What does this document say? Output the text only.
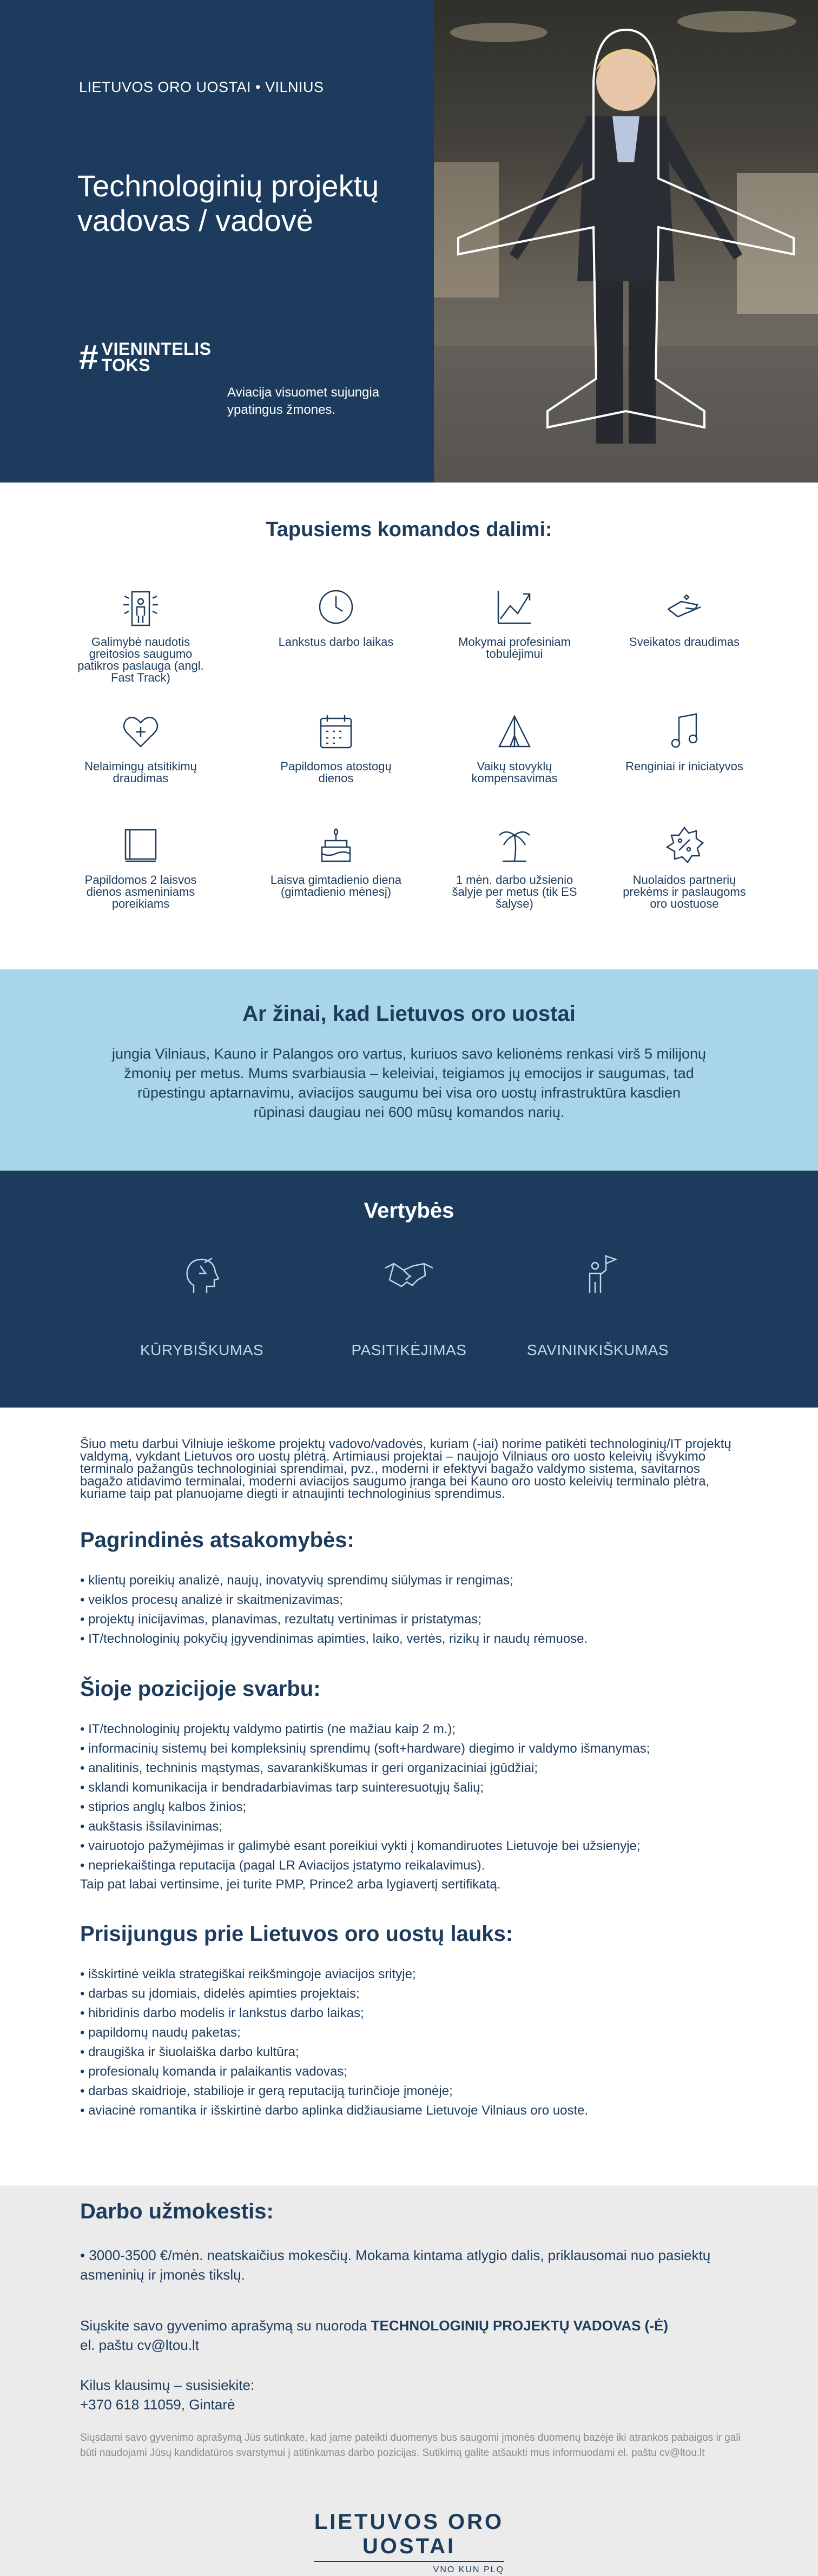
LIETUVOS ORO UOSTAI • VILNIUS
Technologinių projektų vadovas / vadovė
# VIENINTELIS
TOKS
Aviacija visuomet sujungia ypatingus žmones.
Tapusiems komandos dalimi:
Galimybė naudotis greitosios saugumo patikros paslauga (angl. Fast Track)
Lankstus darbo laikas	Mokymai profesiniam tobulėjimui
Sveikatos draudimas
Nelaimingų atsitikimų draudimas
Papildomos atostogų dienos
Vaikų stovyklų kompensavimas
Renginiai ir iniciatyvos
Papildomos 2 laisvos dienos asmeniniams poreikiams
Laisva gimtadienio diena (gimtadienio mėnesį)
1 mėn. darbo užsienio šalyje per metus (tik ES šalyse)
Nuolaidos partnerių prekėms ir paslaugoms oro uostuose
Ar žinai, kad Lietuvos oro uostai

jungia Vilniaus, Kauno ir Palangos oro vartus, kuriuos savo kelionėms renkasi virš 5 milijonų žmonių per metus. Mums svarbiausia – keleiviai, teigiamos jų emocijos ir saugumas, tad rūpestingu aptarnavimu, aviacijos saugumu bei visa oro uostų infrastruktūra kasdien rūpinasi daugiau nei 600 mūsų komandos narių.

Vertybės
KŪRYBIŠKUMAS	PASITIKĖJIMAS	SAVININKIŠKUMAS

Šiuo metu darbui Vilniuje ieškome projektų vadovo/vadovės, kuriam (-iai) norime patikėti technologinių/IT projektų valdymą, vykdant Lietuvos oro uostų plėtrą. Artimiausi projektai – naujojo Vilniaus oro uosto keleivių išvykimo terminalo pažangūs technologiniai sprendimai, pvz., moderni ir efektyvi bagažo valdymo sistema, savitarnos bagažo atidavimo terminalai, moderni aviacijos saugumo įranga bei Kauno oro uosto keleivių terminalo plėtra, kuriame taip pat planuojame diegti ir atnaujinti technologinius sprendimus.

Pagrindinės atsakomybės:
• klientų poreikių analizė, naujų, inovatyvių sprendimų siūlymas ir rengimas;
• veiklos procesų analizė ir skaitmenizavimas;
• projektų inicijavimas, planavimas, rezultatų vertinimas ir pristatymas;
• IT/technologinių pokyčių įgyvendinimas apimties, laiko, vertės, rizikų ir naudų rėmuose.
Šioje pozicijoje svarbu:
• IT/technologinių projektų valdymo patirtis (ne mažiau kaip 2 m.);
• informacinių sistemų bei kompleksinių sprendimų (soft+hardware) diegimo ir valdymo išmanymas;
• analitinis, techninis mąstymas, savarankiškumas ir geri organizaciniai įgūdžiai;
• sklandi komunikacija ir bendradarbiavimas tarp suinteresuotųjų šalių;
• stiprios anglų kalbos žinios;
• aukštasis išsilavinimas;
• vairuotojo pažymėjimas ir galimybė esant poreikiui vykti į komandiruotes Lietuvoje bei užsienyje;
• nepriekaištinga reputacija (pagal LR Aviacijos įstatymo reikalavimus).

Taip pat labai vertinsime, jei turite PMP, Prince2 arba lygiavertį sertifikatą.

Prisijungus prie Lietuvos oro uostų lauks:
• išskirtinė veikla strategiškai reikšmingoje aviacijos srityje;
• darbas su įdomiais, didelės apimties projektais;
• hibridinis darbo modelis ir lankstus darbo laikas;
• papildomų naudų paketas;
• draugiška ir šiuolaiška darbo kultūra;
• profesionalų komanda ir palaikantis vadovas;
• darbas skaidrioje, stabilioje ir gerą reputaciją turinčioje įmonėje;
• aviacinė romantika ir išskirtinė darbo aplinka didžiausiame Lietuvoje Vilniaus oro uoste.
Darbo užmokestis:

• 3000-3500 €/mėn. neatskaičius mokesčių. Mokama kintama atlygio dalis, priklausomai nuo pasiektų asmeninių ir įmonės tikslų.

Siųskite savo gyvenimo aprašymą su nuoroda TECHNOLOGINIŲ PROJEKTŲ VADOVAS (-Ė)

el. paštu cv@ltou.lt

Kilus klausimų – susisiekite:

+370 618 11059, Gintarė

Siųsdami savo gyvenimo aprašymą Jūs sutinkate, kad jame pateikti duomenys bus saugomi įmonės duomenų bazėje iki atrankos pabaigos ir gali būti naudojami Jūsų kandidatūros svarstymui į atitinkamas darbo pozicijas. Sutikimą galite atšaukti mus informuodami el. paštu cv@ltou.lt

LIETUVOS ORO UOSTAI
VNO KUN PLQ
